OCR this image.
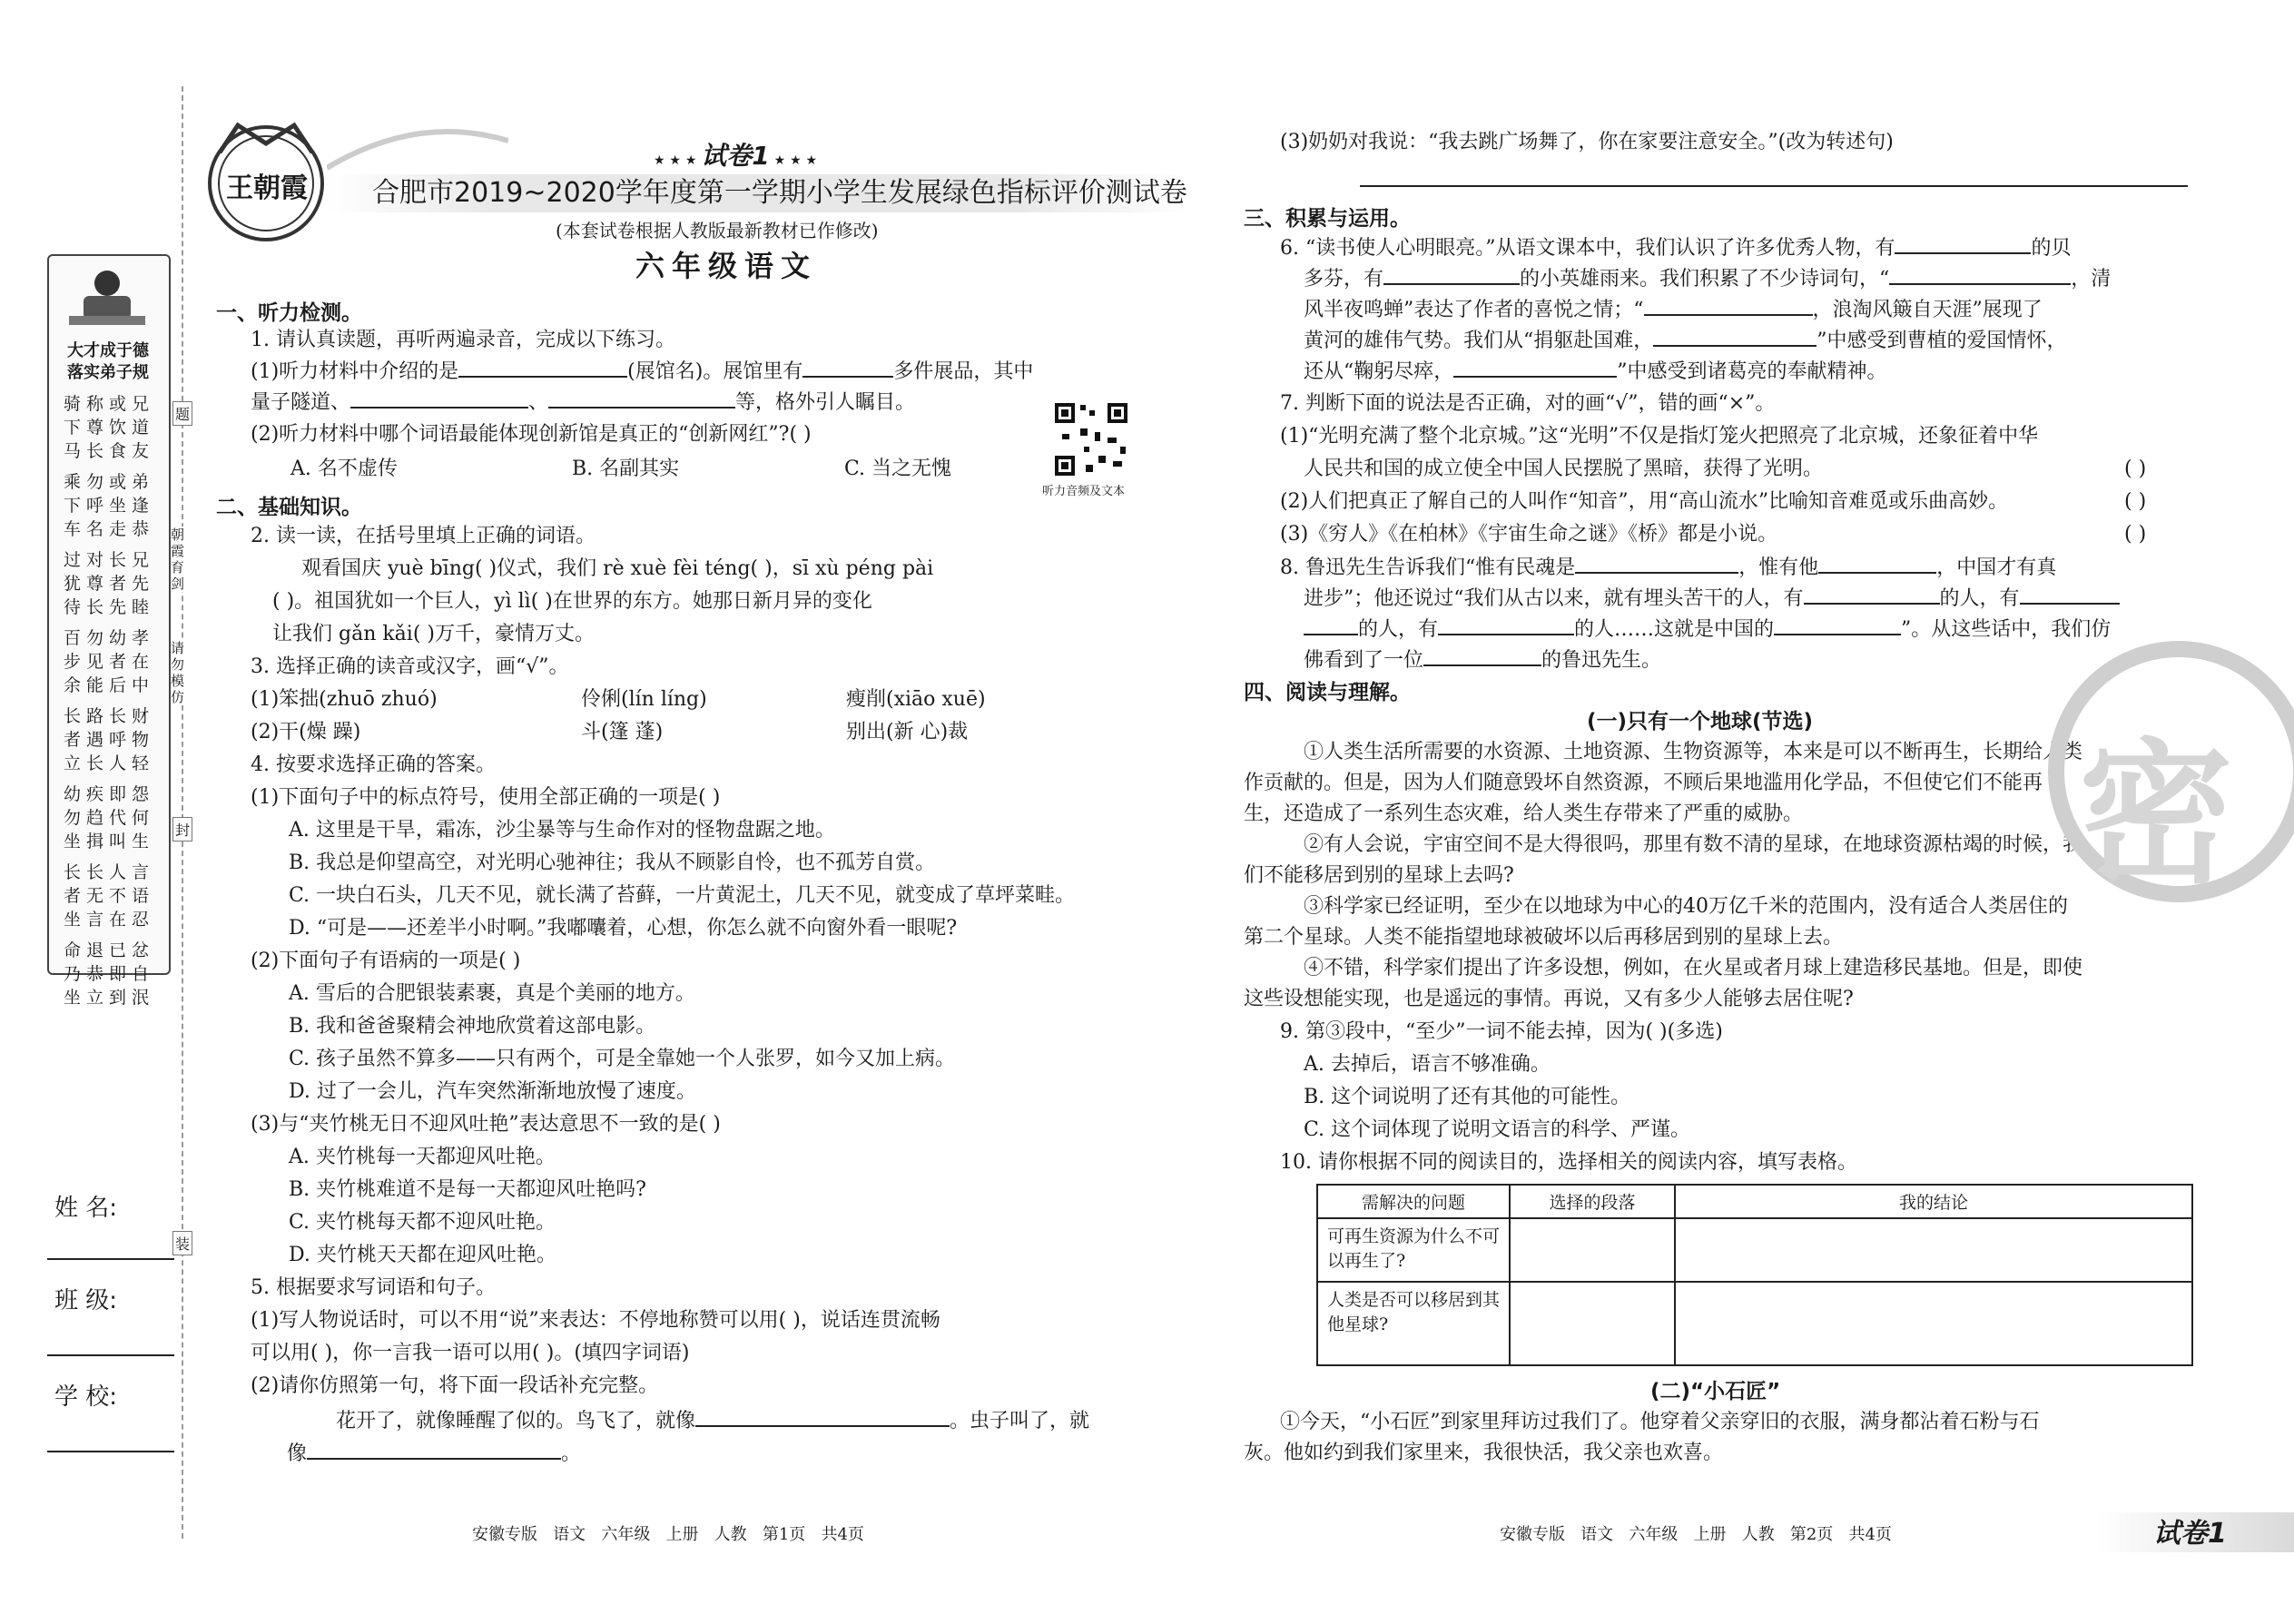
大才成于德
落实弟子规
骑称或兄
下尊饮道
马长食友
乘勿或弟
下呼坐逢
车名走恭
过对长兄
犹尊者先
待长先睦
百勿幼孝
步见者在
余能后中
长路长财
者遇呼物
立长人轻
幼疾即怨
勿趋代何
坐揖叫生
长长人言
者无不语
坐言在忍
命退已忿
乃恭即自
坐立到泯
题
朝霞育剑
请勿模仿
封
装
姓 名:
班 级:
学 校:
王朝霞
★ ★ ★ 试卷1 ★ ★ ★
合肥市2019~2020学年度第一学期小学生发展绿色指标评价测试卷
(本套试卷根据人教版最新教材已作修改)
六年级语文
一、听力检测。
1. 请认真读题，再听两遍录音，完成以下练习。
(1)听力材料中介绍的是	(展馆名)。展馆里有	多件展品，其中
量子隧道、	、	等，格外引人瞩目。
(2)听力材料中哪个词语最能体现创新馆是真正的“创新网红”?( )
A. 名不虚传	B. 名副其实	C. 当之无愧
听力音频及文本
二、基础知识。
2. 读一读，在括号里填上正确的词语。
观看国庆 yuè bīng( )仪式，我们 rè xuè fèi téng( )，sī xù péng pài
( )。祖国犹如一个巨人，yì lì( )在世界的东方。她那日新月异的变化
让我们 gǎn kǎi( )万千，豪情万丈。
3. 选择正确的读音或汉字，画“√”。
(1)笨拙(zhuō zhuó)	伶俐(lín líng)	瘦削(xiāo xuē)
(2)干(燥 躁)	斗(篷 蓬)	别出(新 心)裁
4. 按要求选择正确的答案。
(1)下面句子中的标点符号，使用全部正确的一项是( )
A. 这里是干旱，霜冻，沙尘暴等与生命作对的怪物盘踞之地。
B. 我总是仰望高空，对光明心驰神往；我从不顾影自怜，也不孤芳自赏。
C. 一块白石头，几天不见，就长满了苔藓，一片黄泥土，几天不见，就变成了草坪菜畦。
D. “可是——还差半小时啊。”我嘟囔着，心想，你怎么就不向窗外看一眼呢?
(2)下面句子有语病的一项是( )
A. 雪后的合肥银装素裹，真是个美丽的地方。
B. 我和爸爸聚精会神地欣赏着这部电影。
C. 孩子虽然不算多——只有两个，可是全靠她一个人张罗，如今又加上病。
D. 过了一会儿，汽车突然渐渐地放慢了速度。
(3)与“夹竹桃无日不迎风吐艳”表达意思不一致的是( )
A. 夹竹桃每一天都迎风吐艳。
B. 夹竹桃难道不是每一天都迎风吐艳吗?
C. 夹竹桃每天都不迎风吐艳。
D. 夹竹桃天天都在迎风吐艳。
5. 根据要求写词语和句子。
(1)写人物说话时，可以不用“说”来表达：不停地称赞可以用( )，说话连贯流畅
可以用( )，你一言我一语可以用( )。(填四字词语)
(2)请你仿照第一句，将下面一段话补充完整。
花开了，就像睡醒了似的。鸟飞了，就像	。虫子叫了，就
像	。
安徽专版   语文   六年级   上册   人教   第1页   共4页
(3)奶奶对我说：“我去跳广场舞了，你在家要注意安全。”(改为转述句)
三、积累与运用。
6. “读书使人心明眼亮。”从语文课本中，我们认识了许多优秀人物，有	的贝
多芬，有	的小英雄雨来。我们积累了不少诗词句，“	，清
风半夜鸣蝉”表达了作者的喜悦之情；“	，浪淘风簸自天涯”展现了
黄河的雄伟气势。我们从“捐躯赴国难，	”中感受到曹植的爱国情怀，
还从“鞠躬尽瘁，	”中感受到诸葛亮的奉献精神。
7. 判断下面的说法是否正确，对的画“√”，错的画“×”。
(1)“光明充满了整个北京城。”这“光明”不仅是指灯笼火把照亮了北京城，还象征着中华
人民共和国的成立使全中国人民摆脱了黑暗，获得了光明。	( )
(2)人们把真正了解自己的人叫作“知音”，用“高山流水”比喻知音难觅或乐曲高妙。	( )
(3)《穷人》《在柏林》《宇宙生命之谜》《桥》都是小说。	( )
8. 鲁迅先生告诉我们“惟有民魂是	，惟有他	，中国才有真
进步”；他还说过“我们从古以来，就有埋头苦干的人，有	的人，有
的人，有	的人……这就是中国的	”。从这些话中，我们仿
佛看到了一位	的鲁迅先生。
四、阅读与理解。
(一)只有一个地球(节选)
①人类生活所需要的水资源、土地资源、生物资源等，本来是可以不断再生，长期给人类
作贡献的。但是，因为人们随意毁坏自然资源，不顾后果地滥用化学品，不但使它们不能再
生，还造成了一系列生态灾难，给人类生存带来了严重的威胁。
②有人会说，宇宙空间不是大得很吗，那里有数不清的星球，在地球资源枯竭的时候，我
们不能移居到别的星球上去吗?
③科学家已经证明，至少在以地球为中心的40万亿千米的范围内，没有适合人类居住的
第二个星球。人类不能指望地球被破坏以后再移居到别的星球上去。
④不错，科学家们提出了许多设想，例如，在火星或者月球上建造移民基地。但是，即使
这些设想能实现，也是遥远的事情。再说，又有多少人能够去居住呢?
9. 第③段中，“至少”一词不能去掉，因为( )(多选)
A. 去掉后，语言不够准确。
B. 这个词说明了还有其他的可能性。
C. 这个词体现了说明文语言的科学、严谨。
10. 请你根据不同的阅读目的，选择相关的阅读内容，填写表格。
需解决的问题	选择的段落	我的结论
可再生资源为什么不可以再生了?		
人类是否可以移居到其他星球?		
(二)“小石匠”
①今天，“小石匠”到家里拜访过我们了。他穿着父亲穿旧的衣服，满身都沾着石粉与石
灰。他如约到我们家里来，我很快活，我父亲也欢喜。
安徽专版   语文   六年级   上册   人教   第2页   共4页	试卷1
密
